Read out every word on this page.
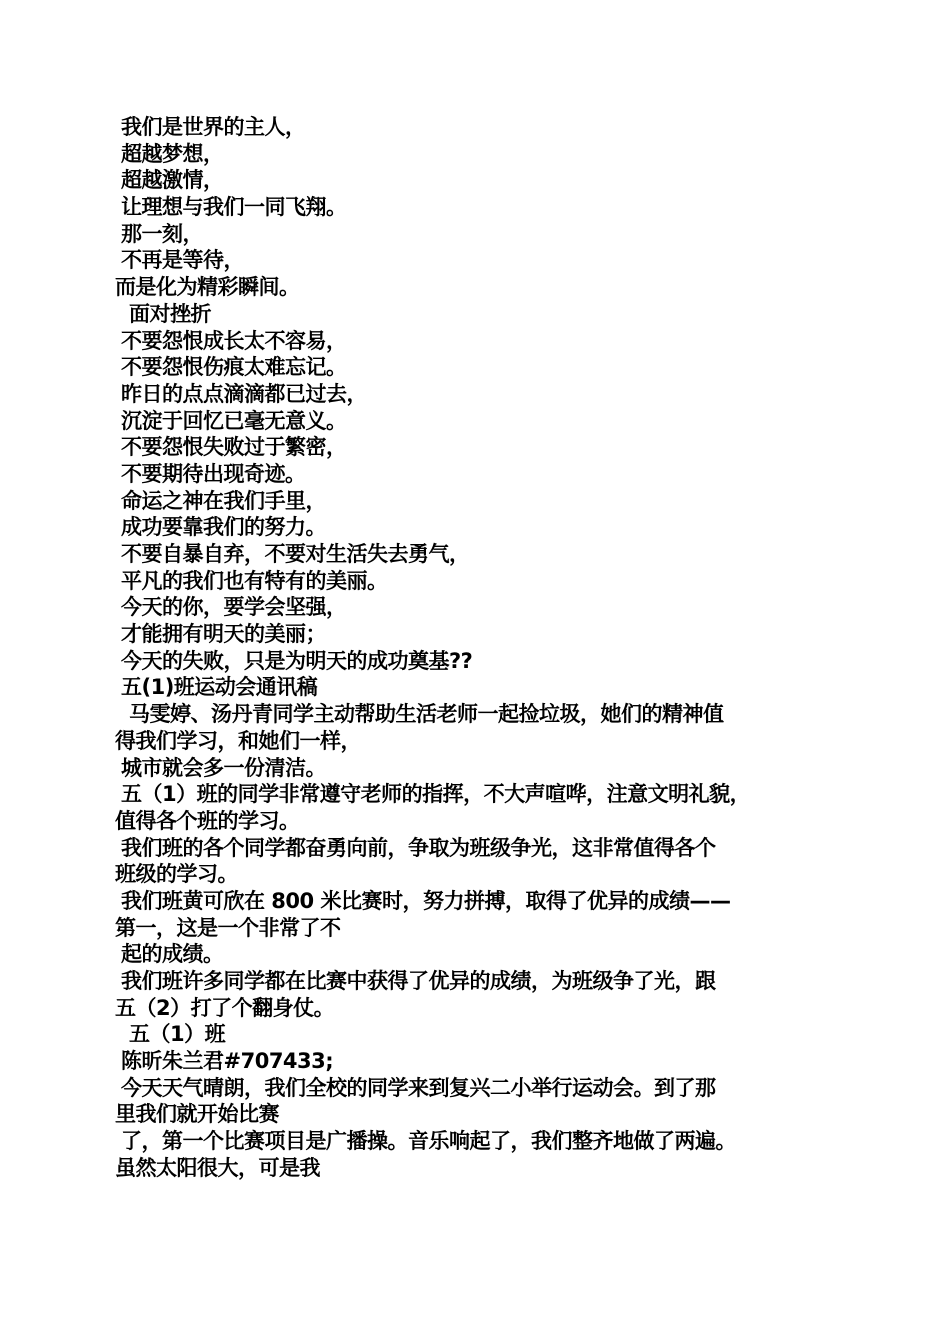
我们是世界的主人，
超越梦想，
超越激情，
让理想与我们一同飞翔。
那一刻，
不再是等待，
而是化为精彩瞬间。
面对挫折
不要怨恨成长太不容易，
不要怨恨伤痕太难忘记。
昨日的点点滴滴都已过去，
沉淀于回忆已毫无意义。
不要怨恨失败过于繁密，
不要期待出现奇迹。
命运之神在我们手里，
成功要靠我们的努力。
不要自暴自弃，不要对生活失去勇气，
平凡的我们也有特有的美丽。
今天的你，要学会坚强，
才能拥有明天的美丽；
今天的失败，只是为明天的成功奠基??
五(1)班运动会通讯稿
马雯婷、汤丹青同学主动帮助生活老师一起捡垃圾，她们的精神值
得我们学习，和她们一样，
城市就会多一份清洁。
五（1）班的同学非常遵守老师的指挥，不大声喧哗，注意文明礼貌，
值得各个班的学习。
我们班的各个同学都奋勇向前，争取为班级争光，这非常值得各个
班级的学习。
我们班黄可欣在 800 米比赛时，努力拼搏，取得了优异的成绩——
第一，这是一个非常了不
起的成绩。
我们班许多同学都在比赛中获得了优异的成绩，为班级争了光，跟
五（2）打了个翻身仗。
五（1）班
陈昕朱兰君#707433;
今天天气晴朗，我们全校的同学来到复兴二小举行运动会。到了那
里我们就开始比赛
了，第一个比赛项目是广播操。音乐响起了，我们整齐地做了两遍。
虽然太阳很大，可是我
